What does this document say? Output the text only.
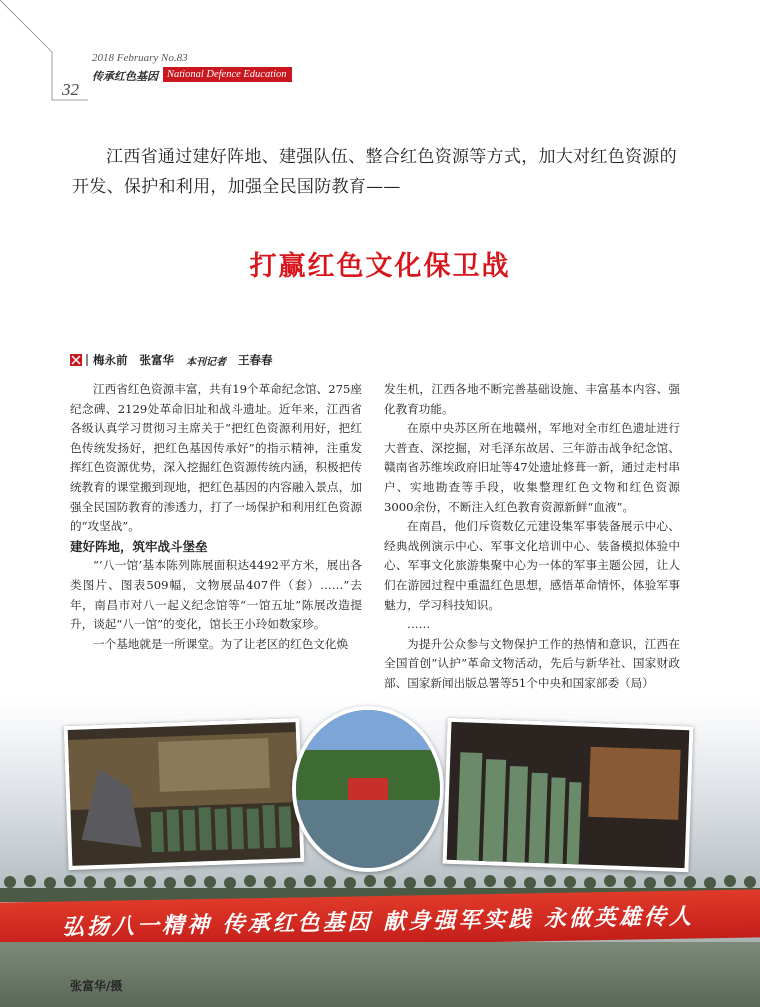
32
2018 February No.83
传承红色基因 National Defence Education
江西省通过建好阵地、建强队伍、整合红色资源等方式，加大对红色资源的开发、保护和利用，加强全民国防教育——
打赢红色文化保卫战
梅永前 张富华 本刊记者 王春春

江西省红色资源丰富，共有19个革命纪念馆、275座纪念碑、2129处革命旧址和战斗遗址。近年来，江西省各级认真学习贯彻习主席关于“把红色资源利用好，把红色传统发扬好，把红色基因传承好”的指示精神，注重发挥红色资源优势，深入挖掘红色资源传统内涵，积极把传统教育的课堂搬到现地，把红色基因的内容融入景点，加强全民国防教育的渗透力，打了一场保护和利用红色资源的“攻坚战”。

建好阵地，筑牢战斗堡垒

“‘八一馆’基本陈列陈展面积达4492平方米，展出各类图片、图表509幅，文物展品407件（套）……”去年，南昌市对八一起义纪念馆等“一馆五址”陈展改造提升，谈起“八一馆”的变化，馆长王小玲如数家珍。

一个基地就是一所课堂。为了让老区的红色文化焕

发生机，江西各地不断完善基础设施、丰富基本内容、强化教育功能。

在原中央苏区所在地赣州，军地对全市红色遗址进行大普查、深挖掘，对毛泽东故居、三年游击战争纪念馆、赣南省苏维埃政府旧址等47处遗址修葺一新，通过走村串户、实地勘查等手段，收集整理红色文物和红色资源3000余份，不断注入红色教育资源新鲜“血液”。

在南昌，他们斥资数亿元建设集军事装备展示中心、经典战例演示中心、军事文化培训中心、装备模拟体验中心、军事文化旅游集聚中心为一体的军事主题公园，让人们在游园过程中重温红色思想，感悟革命情怀，体验军事魅力，学习科技知识。

……

为提升公众参与文物保护工作的热情和意识，江西在全国首创“认护”革命文物活动，先后与新华社、国家财政部、国家新闻出版总署等51个中央和国家部委（局）

弘扬八一精神 传承红色基因 献身强军实践 永做英雄传人
张富华/摄
